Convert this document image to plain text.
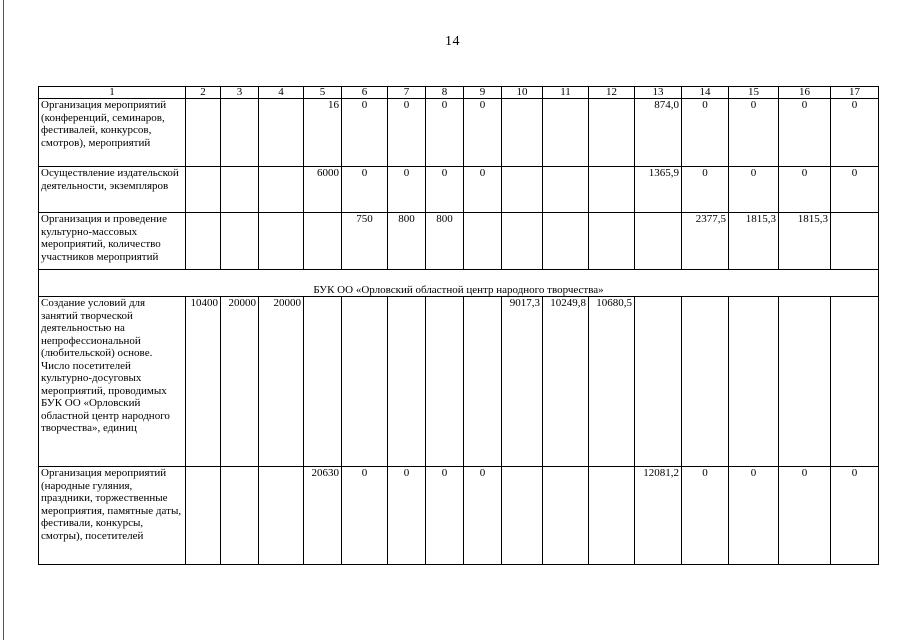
14
1	2	3	4	5	6	7	8	9	10	11	12	13	14	15	16	17
Организация мероприятий (конференций, семинаров, фестивалей, конкурсов, смотров), мероприятий				16	0	0	0	0				874,0	0	0	0	0
Осуществление издательской деятельности, экземпляров				6000	0	0	0	0				1365,9	0	0	0	0
Организация и проведение культурно-массовых мероприятий, количество участников мероприятий					750	800	800						2377,5	1815,3	1815,3	
БУК ОО «Орловский областной центр народного творчества»																
Создание условий для занятий творческой деятельностью на непрофессиональной (любительской) основе. Число посетителей культурно-досуговых мероприятий, проводимых БУК ОО «Орловский областной центр народного творчества», единиц	10400	20000	20000						9017,3	10249,8	10680,5					
Организация мероприятий (народные гуляния, праздники, торжественные мероприятия, памятные даты, фестивали, конкурсы, смотры), посетителей				20630	0	0	0	0				12081,2	0	0	0	0
